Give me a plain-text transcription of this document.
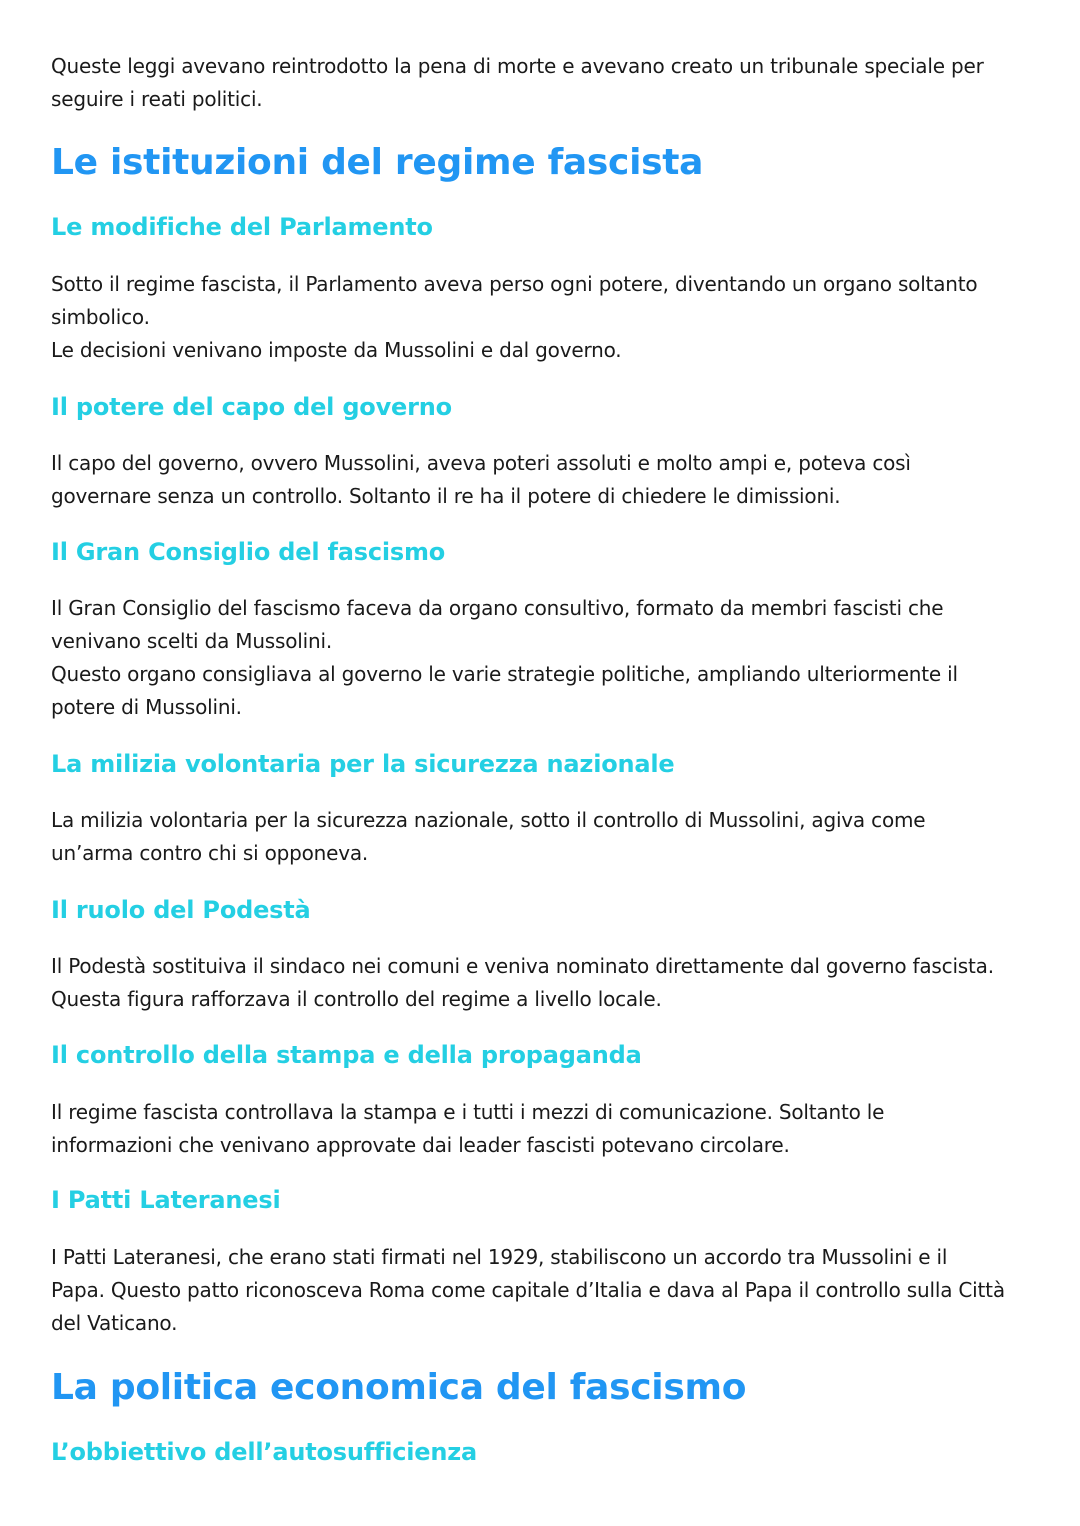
Queste leggi avevano reintrodotto la pena di morte e avevano creato un tribunale speciale per
seguire i reati politici.

Le istituzioni del regime fascista
Le modifiche del Parlamento

Sotto il regime fascista, il Parlamento aveva perso ogni potere, diventando un organo soltanto
simbolico.
Le decisioni venivano imposte da Mussolini e dal governo.

Il potere del capo del governo

Il capo del governo, ovvero Mussolini, aveva poteri assoluti e molto ampi e, poteva così
governare senza un controllo. Soltanto il re ha il potere di chiedere le dimissioni.

Il Gran Consiglio del fascismo

Il Gran Consiglio del fascismo faceva da organo consultivo, formato da membri fascisti che
venivano scelti da Mussolini.
Questo organo consigliava al governo le varie strategie politiche, ampliando ulteriormente il
potere di Mussolini.

La milizia volontaria per la sicurezza nazionale

La milizia volontaria per la sicurezza nazionale, sotto il controllo di Mussolini, agiva come
un’arma contro chi si opponeva.

Il ruolo del Podestà

Il Podestà sostituiva il sindaco nei comuni e veniva nominato direttamente dal governo fascista.
Questa figura rafforzava il controllo del regime a livello locale.

Il controllo della stampa e della propaganda

Il regime fascista controllava la stampa e i tutti i mezzi di comunicazione. Soltanto le
informazioni che venivano approvate dai leader fascisti potevano circolare.

I Patti Lateranesi

I Patti Lateranesi, che erano stati firmati nel 1929, stabiliscono un accordo tra Mussolini e il
Papa. Questo patto riconosceva Roma come capitale d’Italia e dava al Papa il controllo sulla Città
del Vaticano.

La politica economica del fascismo
L’obbiettivo dell’autosufficienza
